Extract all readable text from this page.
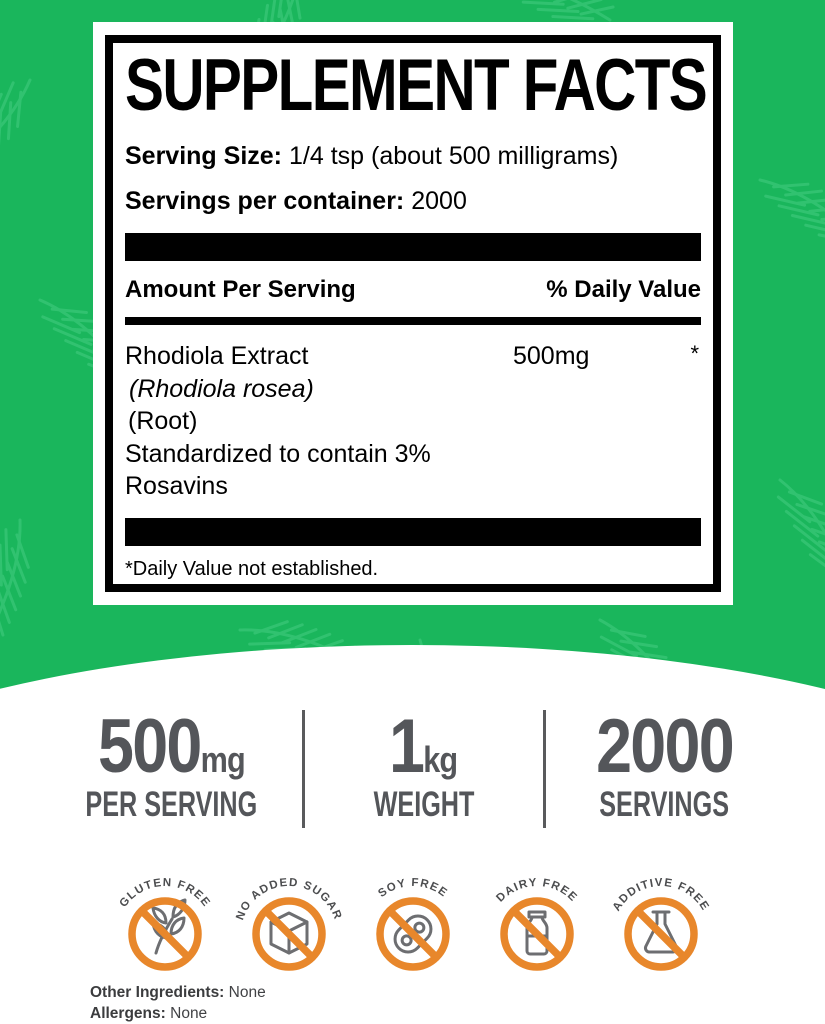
SUPPLEMENT FACTS
Serving Size: 1/4 tsp (about 500 milligrams)
Servings per container: 2000
Amount Per Serving	% Daily Value
Rhodiola Extract
(Rhodiola rosea)
(Root)
Standardized to contain 3%
Rosavins
500mg	*
*Daily Value not established.
500 mg
PER SERVING
1 kg
WEIGHT
2000
SERVINGS
GLUTEN FREE
NO ADDED SUGAR
SOY FREE	DAIRY FREE
ADDITIVE FREE
Other Ingredients: None
Allergens: None
